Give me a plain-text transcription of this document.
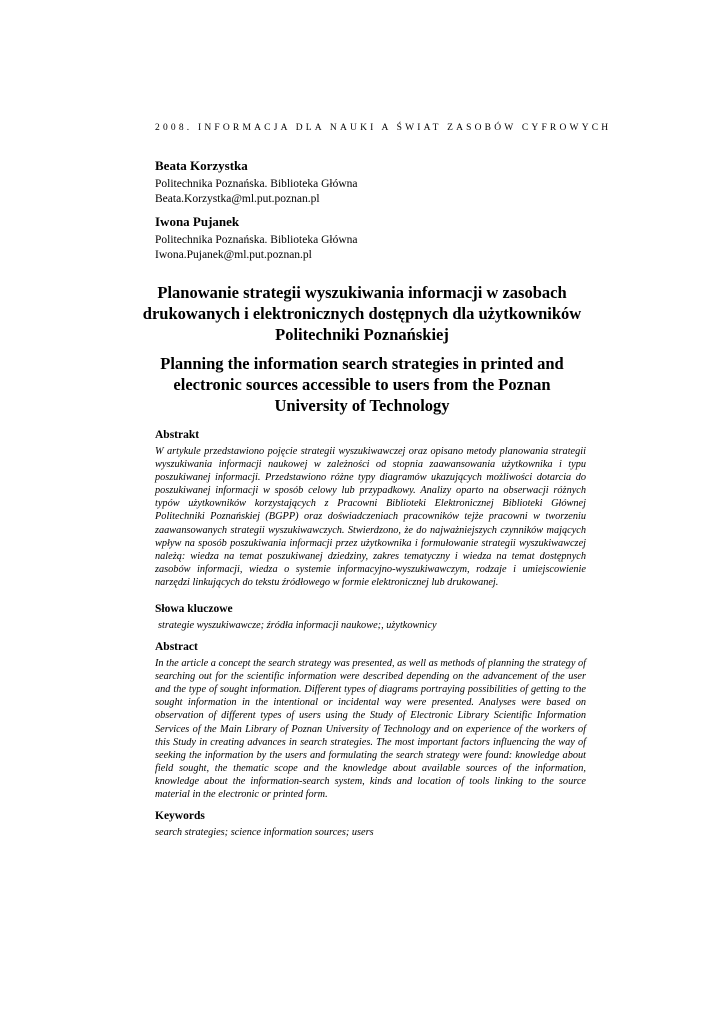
2008. INFORMACJA DLA NAUKI A ŚWIAT ZASOBÓW CYFROWYCH

Beata Korzystka

Politechnika Poznańska. Biblioteka Główna

Beata.Korzystka@ml.put.poznan.pl

Iwona Pujanek

Politechnika Poznańska. Biblioteka Główna

Iwona.Pujanek@ml.put.poznan.pl

Planowanie strategii wyszukiwania informacji w zasobach drukowanych i elektronicznych dostępnych dla użytkowników Politechniki Poznańskiej

Planning the information search strategies in printed and electronic sources accessible to users from the Poznan University of Technology

Abstrakt

W artykule przedstawiono pojęcie strategii wyszukiwawczej oraz opisano metody planowania strategii wyszukiwania informacji naukowej w zależności od stopnia zaawansowania użytkownika i typu poszukiwanej informacji. Przedstawiono różne typy diagramów ukazujących możliwości dotarcia do poszukiwanej informacji w sposób celowy lub przypadkowy. Analizy oparto na obserwacji różnych typów użytkowników korzystających z Pracowni Biblioteki Elektronicznej Biblioteki Głównej Politechniki Poznańskiej (BGPP) oraz doświadczeniach pracowników tejże pracowni w tworzeniu zaawansowanych strategii wyszukiwawczych. Stwierdzono, że do najważniejszych czynników mających wpływ na sposób poszukiwania informacji przez użytkownika i formułowanie strategii wyszukiwawczej należą: wiedza na temat poszukiwanej dziedziny, zakres tematyczny i wiedza na temat dostępnych zasobów informacji, wiedza o systemie informacyjno-wyszukiwawczym, rodzaje i umiejscowienie narzędzi linkujących do tekstu źródłowego w formie elektronicznej lub drukowanej.

Słowa kluczowe

strategie wyszukiwawcze; źródła informacji naukowe;, użytkownicy

Abstract

In the article a concept the search strategy was presented, as well as methods of planning the strategy of searching out for the scientific information were described depending on the advancement of the user and the type of sought information. Different types of diagrams portraying possibilities of getting to the sought information in the intentional or incidental way were presented. Analyses were based on observation of different types of users using the Study of Electronic Library Scientific Information Services of the Main Library of Poznan University of Technology and on experience of the workers of this Study in creating advances in search strategies. The most important factors influencing the way of seeking the information by the users and formulating the search strategy were found: knowledge about field sought, the thematic scope and the knowledge about available sources of the information, knowledge about the information-search system, kinds and location of tools linking to the source material in the electronic or printed form.

Keywords

search strategies; science information sources; users
